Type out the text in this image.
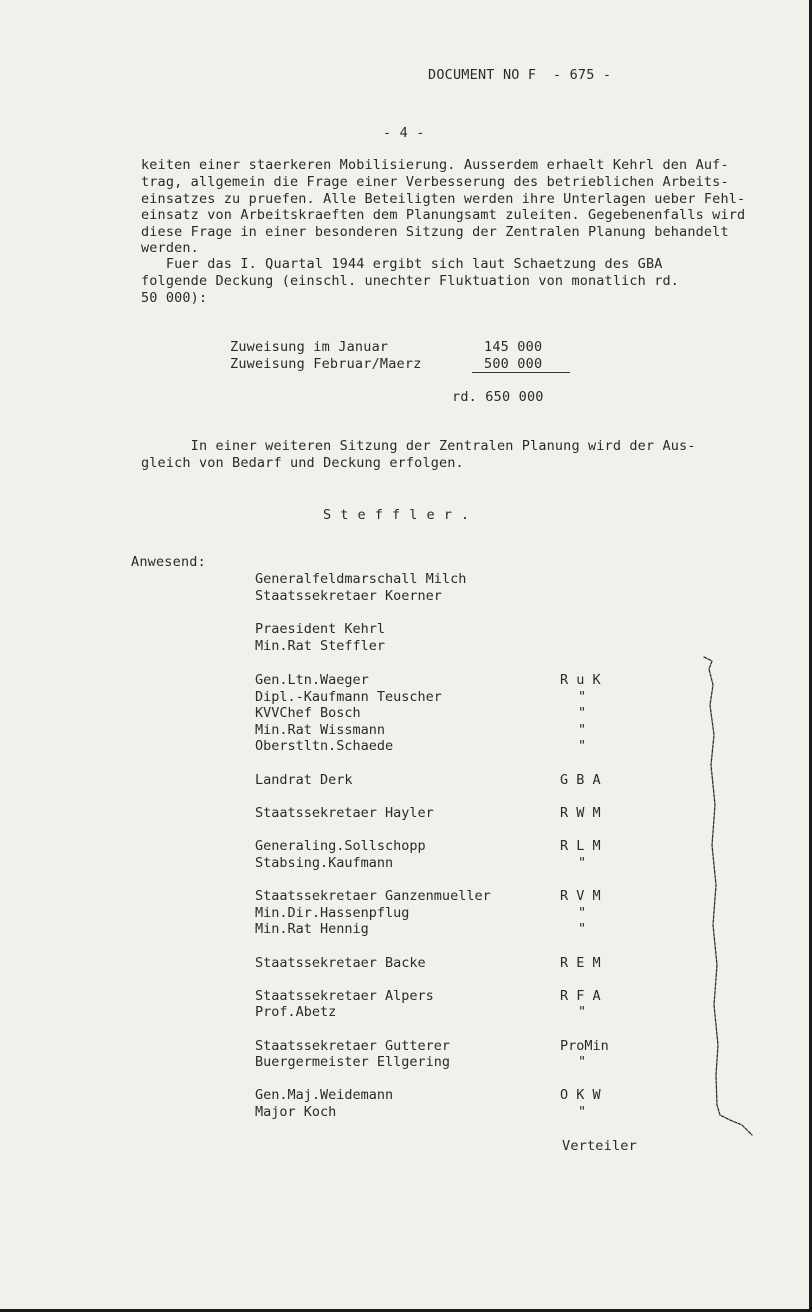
DOCUMENT NO F  - 675 -
- 4 -
keiten einer staerkeren Mobilisierung. Ausserdem erhaelt Kehrl den Auf-
trag, allgemein die Frage einer Verbesserung des betrieblichen Arbeits-
einsatzes zu pruefen. Alle Beteiligten werden ihre Unterlagen ueber Fehl-
einsatz von Arbeitskraeften dem Planungsamt zuleiten. Gegebenenfalls wird
diese Frage in einer besonderen Sitzung der Zentralen Planung behandelt
werden.
Fuer das I. Quartal 1944 ergibt sich laut Schaetzung des GBA
folgende Deckung (einschl. unechter Fluktuation von monatlich rd.
50 000):
Zuweisung im Januar	145 000
Zuweisung Februar/Maerz	500 000
rd. 650 000
In einer weiteren Sitzung der Zentralen Planung wird der Aus-
gleich von Bedarf und Deckung erfolgen.
S t e f f l e r .
Anwesend:
Generalfeldmarschall Milch
Staatssekretaer Koerner
Praesident Kehrl
Min.Rat Steffler
Gen.Ltn.Waeger	R u K
Dipl.-Kaufmann Teuscher	"
KVVChef Bosch	"
Min.Rat Wissmann	"
Oberstltn.Schaede	"
Landrat Derk	G B A
Staatssekretaer Hayler	R W M
Generaling.Sollschopp	R L M
Stabsing.Kaufmann	"
Staatssekretaer Ganzenmueller	R V M
Min.Dir.Hassenpflug	"
Min.Rat Hennig	"
Staatssekretaer Backe	R E M
Staatssekretaer Alpers	R F A
Prof.Abetz	"
Staatssekretaer Gutterer	ProMin
Buergermeister Ellgering	"
Gen.Maj.Weidemann	O K W
Major Koch	"
Verteiler
